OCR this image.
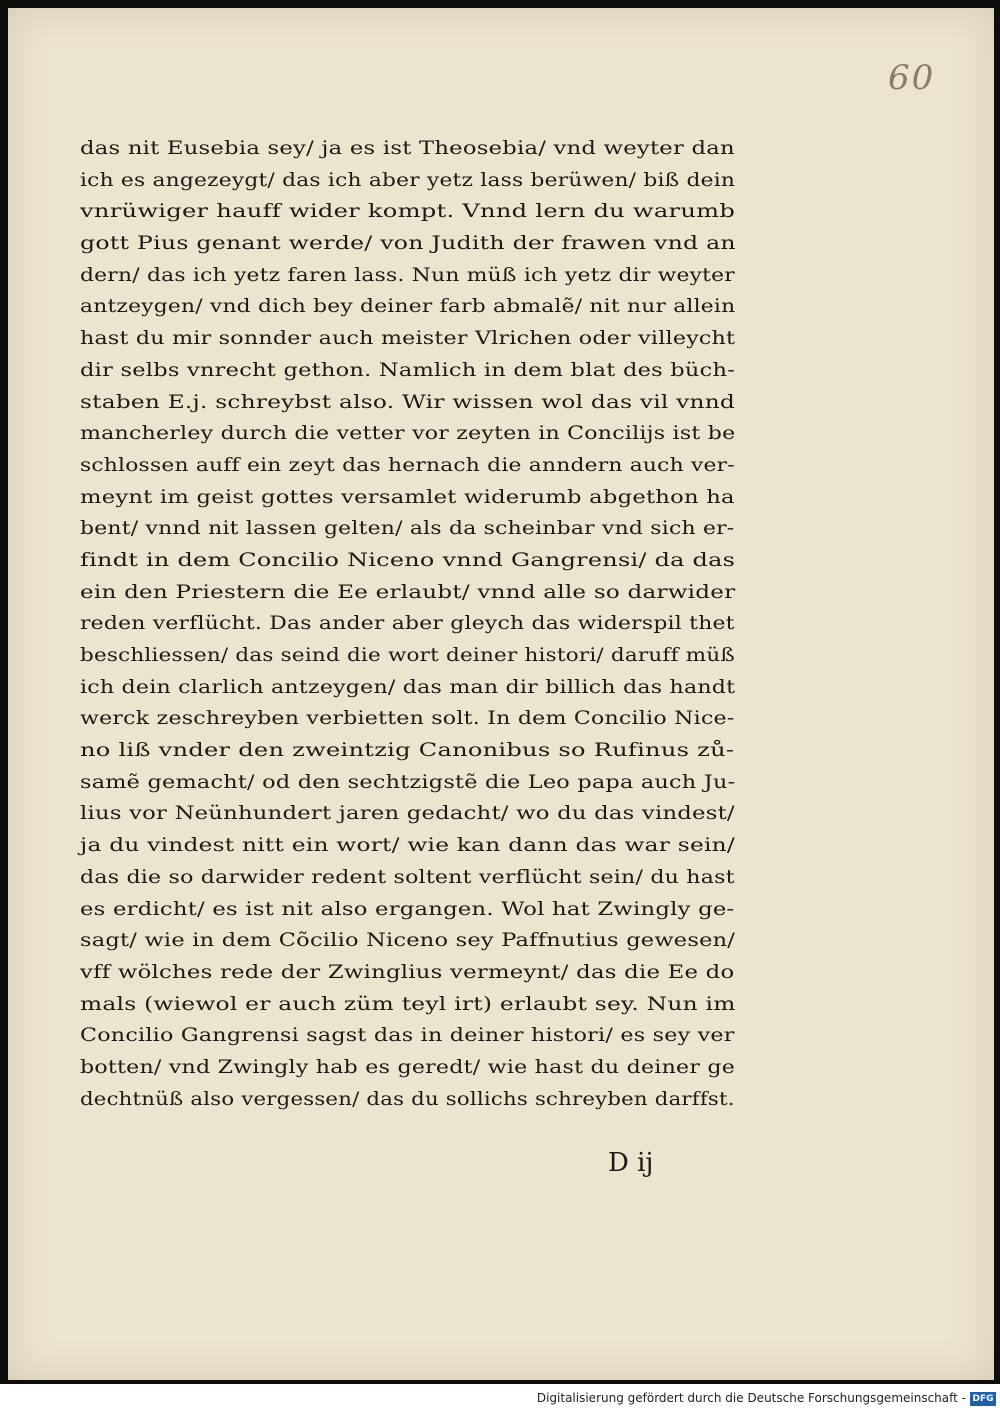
60
das nit Eusebia sey/ ja es ist Theosebia/ vnd weyter dan
ich es angezeygt/ das ich aber yetz lass berüwen/ biß dein
vnrüwiger hauff wider kompt. Vnnd lern du warumb
gott Pius genant werde/ von Judith der frawen vnd an
dern/ das ich yetz faren lass. Nun müß ich yetz dir weyter
antzeygen/ vnd dich bey deiner farb abmalẽ/ nit nur allein
hast du mir sonnder auch meister Vlrichen oder villeycht
dir selbs vnrecht gethon. Namlich in dem blat des büch-
staben E.j. schreybst also. Wir wissen wol das vil vnnd
mancherley durch die vetter vor zeyten in Concilijs ist be
schlossen auff ein zeyt das hernach die anndern auch ver-
meynt im geist gottes versamlet widerumb abgethon ha
bent/ vnnd nit lassen gelten/ als da scheinbar vnd sich er-
findt in dem Concilio Niceno vnnd Gangrensi/ da das
ein den Priestern die Ee erlaubt/ vnnd alle so darwider
reden verflücht. Das ander aber gleych das widerspil thet
beschliessen/ das seind die wort deiner histori/ daruff müß
ich dein clarlich antzeygen/ das man dir billich das handt
werck zeschreyben verbietten solt. In dem Concilio Nice-
no liß vnder den zweintzig Canonibus so Rufinus zů-
samẽ gemacht/ od den sechtzigstẽ die Leo papa auch Ju-
lius vor Neünhundert jaren gedacht/ wo du das vindest/
ja du vindest nitt ein wort/ wie kan dann das war sein/
das die so darwider redent soltent verflücht sein/ du hast
es erdicht/ es ist nit also ergangen. Wol hat Zwingly ge-
sagt/ wie in dem Cõcilio Niceno sey Paffnutius gewesen/
vff wölches rede der Zwinglius vermeynt/ das die Ee do
mals (wiewol er auch züm teyl irt) erlaubt sey. Nun im
Concilio Gangrensi sagst das in deiner histori/ es sey ver
botten/ vnd Zwingly hab es geredt/ wie hast du deiner ge
dechtnüß also vergessen/ das du sollichs schreyben darffst.
D ij
Digitalisierung gefördert durch die Deutsche Forschungsgemeinschaft - DFG
